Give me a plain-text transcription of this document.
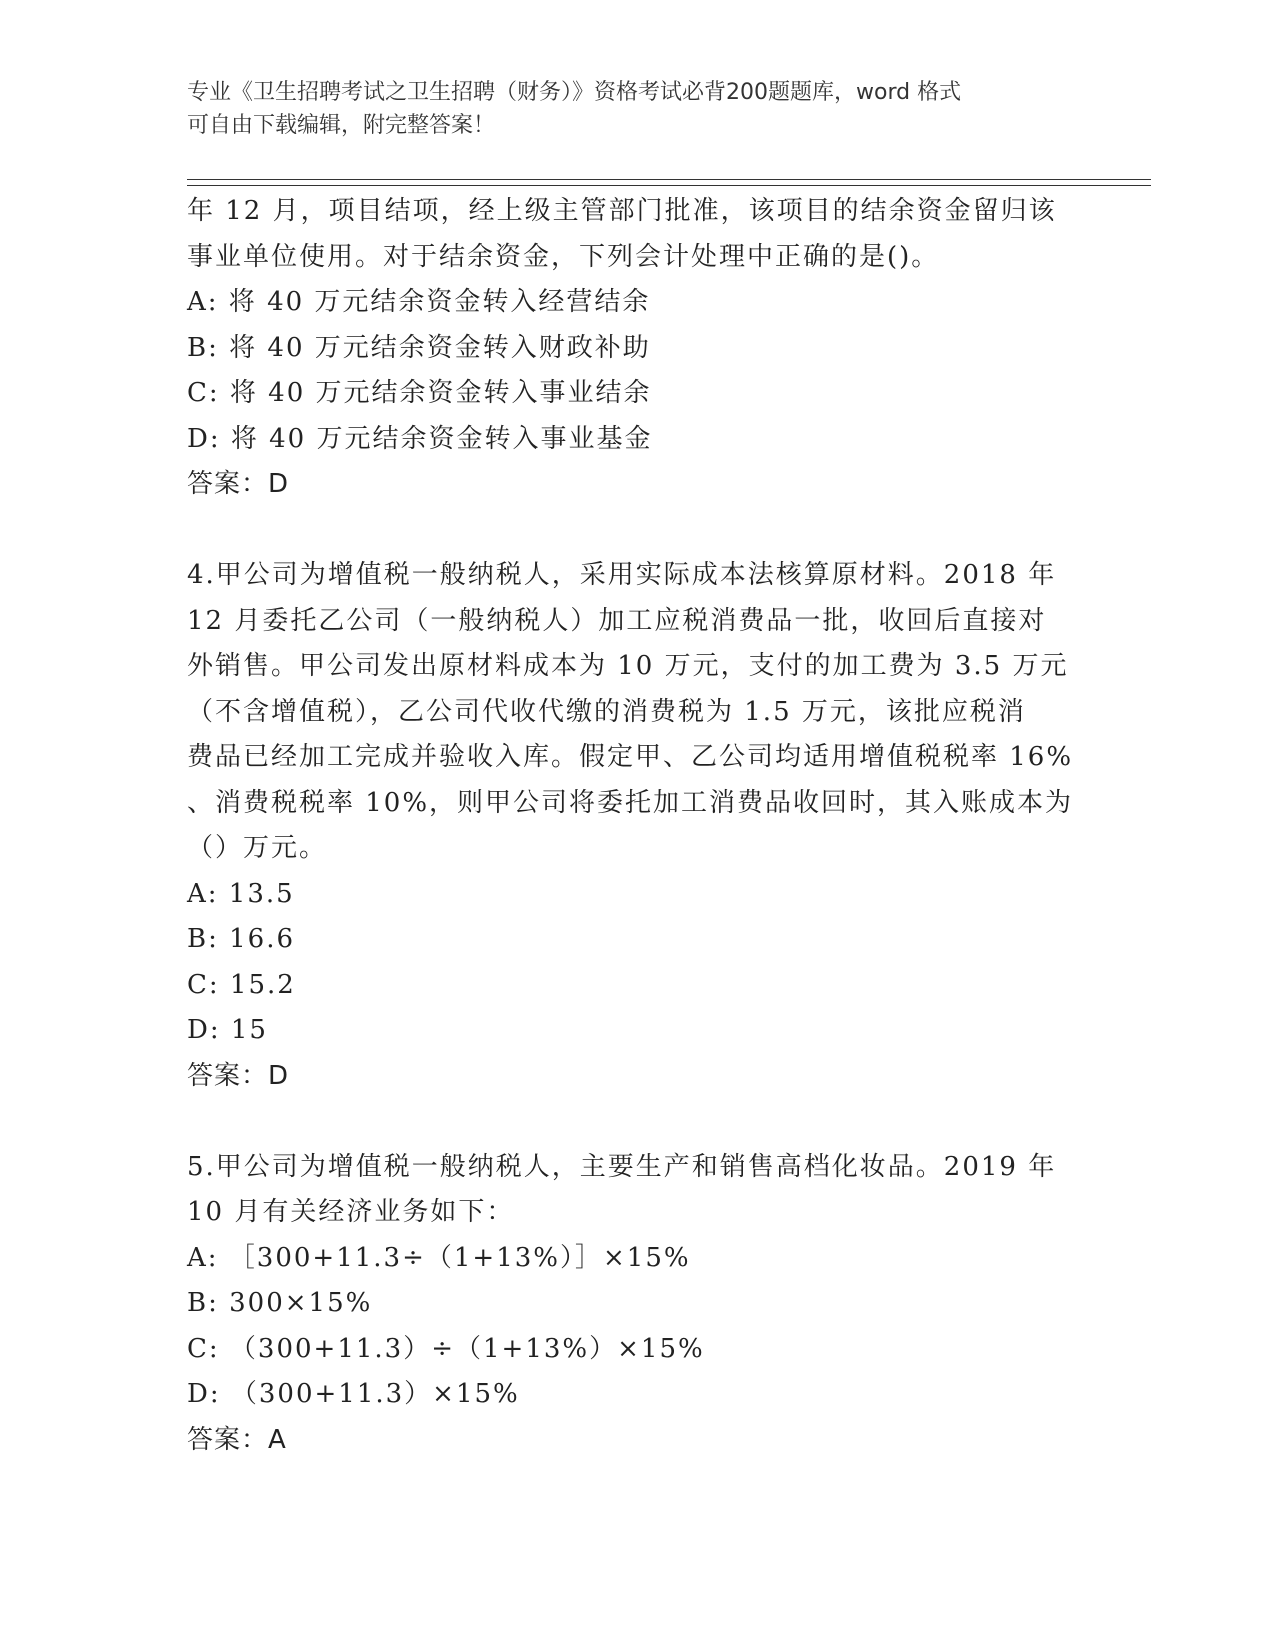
专业《卫生招聘考试之卫生招聘（财务）》资格考试必背200题题库，word 格式
可自由下载编辑，附完整答案！
年 12 月，项目结项，经上级主管部门批准，该项目的结余资金留归该
事业单位使用。对于结余资金，下列会计处理中正确的是()。
A: 将 40 万元结余资金转入经营结余
B: 将 40 万元结余资金转入财政补助
C: 将 40 万元结余资金转入事业结余
D: 将 40 万元结余资金转入事业基金
答案：D
4.甲公司为增值税一般纳税人，采用实际成本法核算原材料。2018 年
12 月委托乙公司（一般纳税人）加工应税消费品一批，收回后直接对
外销售。甲公司发出原材料成本为 10 万元，支付的加工费为 3.5 万元
（不含增值税），乙公司代收代缴的消费税为 1.5 万元，该批应税消
费品已经加工完成并验收入库。假定甲、乙公司均适用增值税税率 16%
、消费税税率 10%，则甲公司将委托加工消费品收回时，其入账成本为
（）万元。
A: 13.5
B: 16.6
C: 15.2
D: 15
答案：D
5.甲公司为增值税一般纳税人，主要生产和销售高档化妆品。2019 年
10 月有关经济业务如下：
A: ［300+11.3÷（1+13%）］×15%
B: 300×15%
C: （300+11.3）÷（1+13%）×15%
D: （300+11.3）×15%
答案：A
